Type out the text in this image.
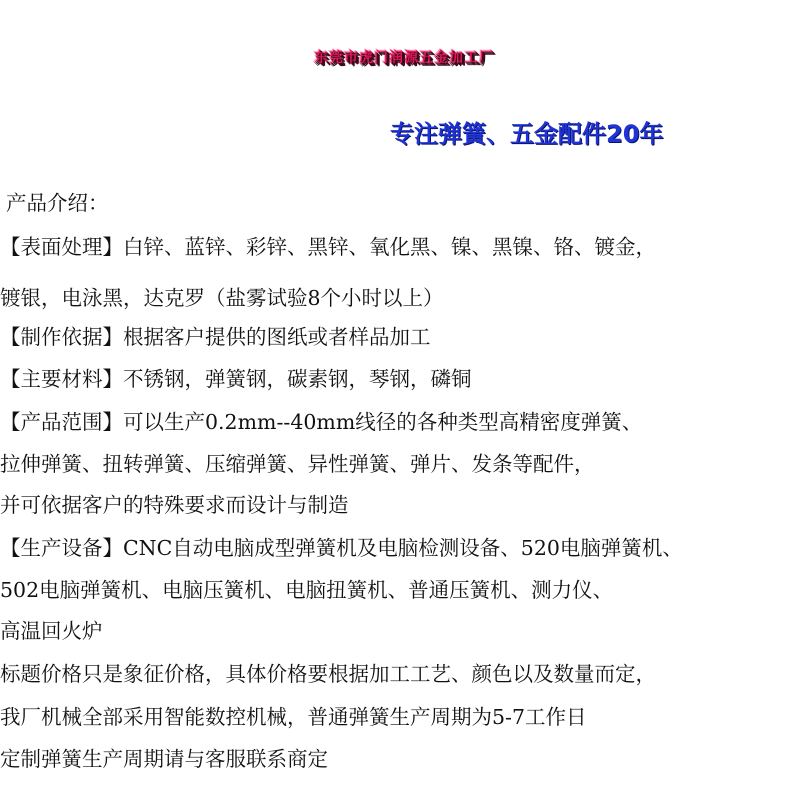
东莞市虎门润源五金加工厂
专注弹簧、五金配件20年
产品介绍：
【表面处理】白锌、蓝锌、彩锌、黑锌、氧化黑、镍、黑镍、铬、镀金，
镀银，电泳黑，达克罗（盐雾试验8个小时以上）
【制作依据】根据客户提供的图纸或者样品加工
【主要材料】不锈钢，弹簧钢，碳素钢，琴钢，磷铜
【产品范围】可以生产0.2mm--40mm线径的各种类型高精密度弹簧、
拉伸弹簧、扭转弹簧、压缩弹簧、异性弹簧、弹片、发条等配件，
并可依据客户的特殊要求而设计与制造
【生产设备】CNC自动电脑成型弹簧机及电脑检测设备、520电脑弹簧机、
502电脑弹簧机、电脑压簧机、电脑扭簧机、普通压簧机、测力仪、
高温回火炉
标题价格只是象征价格，具体价格要根据加工工艺、颜色以及数量而定，
我厂机械全部采用智能数控机械，普通弹簧生产周期为5-7工作日
定制弹簧生产周期请与客服联系商定
